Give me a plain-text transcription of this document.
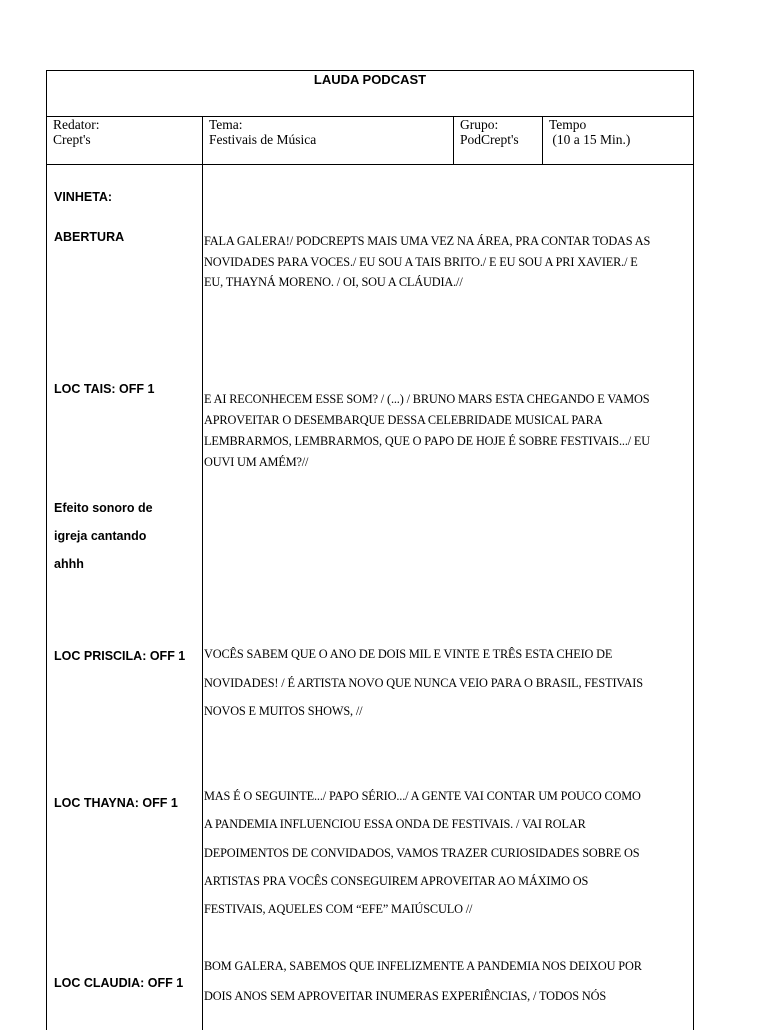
LAUDA PODCAST
Redator:
Crept's
Tema:
Festivais de Música
Grupo:
PodCrept's
Tempo
(10 a 15 Min.)
VINHETA:
ABERTURA
LOC TAIS: OFF 1
Efeito sonoro de
igreja cantando
ahhh
LOC PRISCILA: OFF 1
LOC THAYNA: OFF 1
LOC CLAUDIA: OFF 1
FALA GALERA!/ PODCREPTS MAIS UMA VEZ NA ÁREA, PRA CONTAR TODAS AS
NOVIDADES PARA VOCES./ EU SOU A TAIS BRITO./ E EU SOU A PRI XAVIER./ E
EU, THAYNÁ MORENO. / OI, SOU A CLÁUDIA.//
E AI RECONHECEM ESSE SOM? / (...) / BRUNO MARS ESTA CHEGANDO E VAMOS
APROVEITAR O DESEMBARQUE DESSA CELEBRIDADE MUSICAL PARA
LEMBRARMOS, LEMBRARMOS, QUE O PAPO DE HOJE É SOBRE FESTIVAIS.../ EU
OUVI UM AMÉM?//
VOCÊS SABEM QUE O ANO DE DOIS MIL E VINTE E TRÊS ESTA CHEIO DE
NOVIDADES! / É ARTISTA NOVO QUE NUNCA VEIO PARA O BRASIL, FESTIVAIS
NOVOS E MUITOS SHOWS, //
MAS É O SEGUINTE.../ PAPO SÉRIO.../ A GENTE VAI CONTAR UM POUCO COMO
A PANDEMIA INFLUENCIOU ESSA ONDA DE FESTIVAIS. / VAI ROLAR
DEPOIMENTOS DE CONVIDADOS, VAMOS TRAZER CURIOSIDADES SOBRE OS
ARTISTAS PRA VOCÊS CONSEGUIREM APROVEITAR AO MÁXIMO OS
FESTIVAIS, AQUELES COM “EFE” MAIÚSCULO //
BOM GALERA, SABEMOS QUE INFELIZMENTE A PANDEMIA NOS DEIXOU POR
DOIS ANOS SEM APROVEITAR INUMERAS EXPERIÊNCIAS, / TODOS NÓS
